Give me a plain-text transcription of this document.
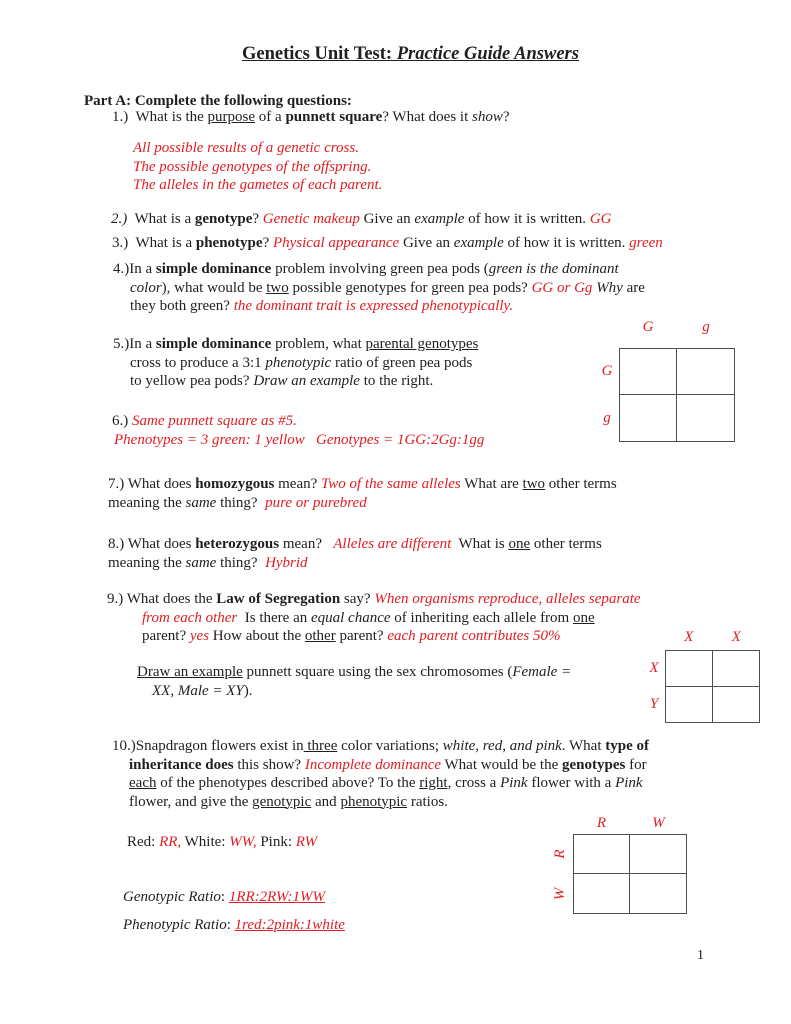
Genetics Unit Test: Practice Guide Answers
Part A: Complete the following questions:
1.)  What is the purpose of a punnett square? What does it show?
All possible results of a genetic cross.
The possible genotypes of the offspring.
The alleles in the gametes of each parent.
2.)  What is a genotype? Genetic makeup Give an example of how it is written. GG
3.)  What is a phenotype? Physical appearance Give an example of how it is written. green
4.)In a simple dominance problem involving green pea pods (green is the dominant
color), what would be two possible genotypes for green pea pods? GG or Gg Why are
they both green? the dominant trait is expressed phenotypically.
5.)In a simple dominance problem, what parental genotypes
cross to produce a 3:1 phenotypic ratio of green pea pods
to yellow pea pods? Draw an example to the right.
6.) Same punnett square as #5.
Phenotypes = 3 green: 1 yellow   Genotypes = 1GG:2Gg:1gg
7.) What does homozygous mean? Two of the same alleles What are two other terms
meaning the same thing?  pure or purebred
8.) What does heterozygous mean?   Alleles are different  What is one other terms
meaning the same thing?  Hybrid
9.) What does the Law of Segregation say? When organisms reproduce, alleles separate
from each other  Is there an equal chance of inheriting each allele from one
parent? yes How about the other parent? each parent contributes 50%
Draw an example punnett square using the sex chromosomes (Female =
XX, Male = XY).
10.)Snapdragon flowers exist in three color variations; white, red, and pink. What type of
inheritance does this show? Incomplete dominance What would be the genotypes for
each of the phenotypes described above? To the right, cross a Pink flower with a Pink
flower, and give the genotypic and phenotypic ratios.
Red: RR, White: WW, Pink: RW
Genotypic Ratio: 1RR:2RW:1WW
Phenotypic Ratio: 1red:2pink:1white
G	g
G
g
X	X
X
Y
R	W
R
W
1
